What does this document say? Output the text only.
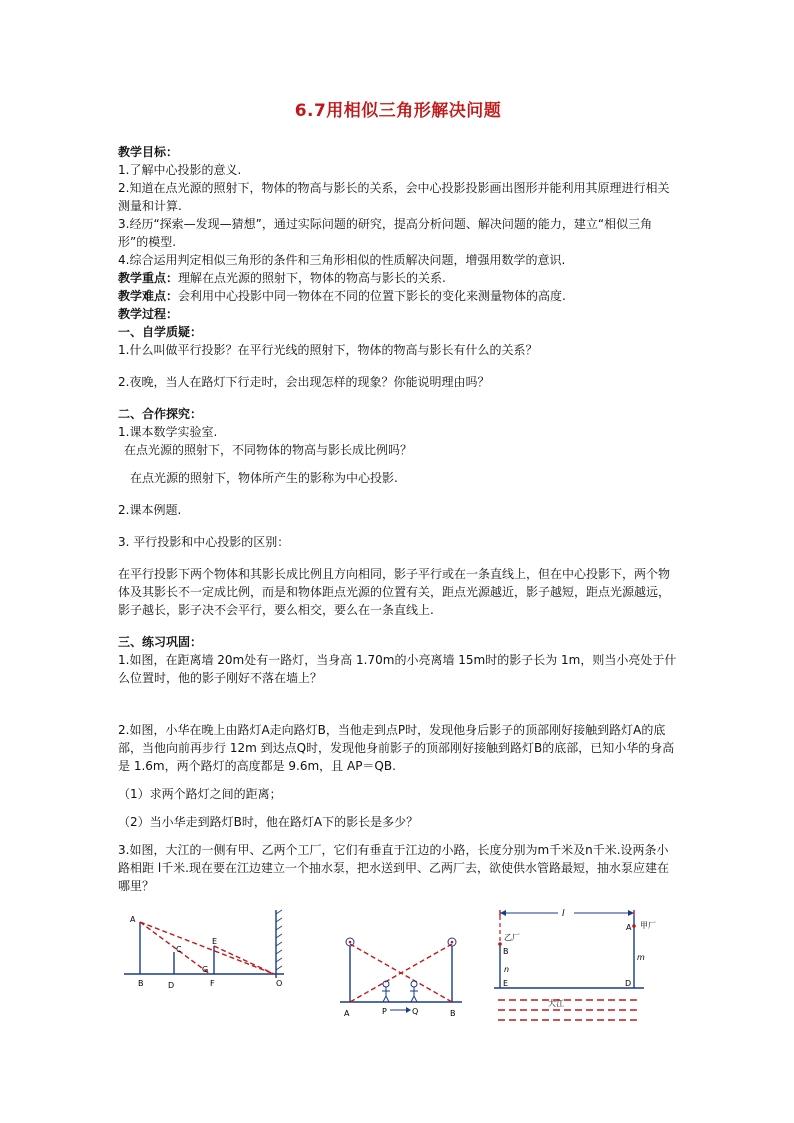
6.7用相似三角形解决问题

教学目标：

1.了解中心投影的意义.

2.知道在点光源的照射下，物体的物高与影长的关系，会中心投影投影画出图形并能利用其原理进行相关测量和计算.

3.经历“探索—发现—猜想”，通过实际问题的研究，提高分析问题、解决问题的能力，建立“相似三角形”的模型.

4.综合运用判定相似三角形的条件和三角形相似的性质解决问题，增强用数学的意识.

教学重点：理解在点光源的照射下，物体的物高与影长的关系.

教学难点：会利用中心投影中同一物体在不同的位置下影长的变化来测量物体的高度.

教学过程：

一、自学质疑：

1.什么叫做平行投影？在平行光线的照射下，物体的物高与影长有什么的关系？

2.夜晚，当人在路灯下行走时，会出现怎样的现象？你能说明理由吗？

二、合作探究：

1.课本数学实验室.

在点光源的照射下，不同物体的物高与影长成比例吗？

在点光源的照射下，物体所产生的影称为中心投影.

2.课本例题.

3. 平行投影和中心投影的区别：

在平行投影下两个物体和其影长成比例且方向相同，影子平行或在一条直线上，但在中心投影下，两个物体及其影长不一定成比例，而是和物体距点光源的位置有关，距点光源越近，影子越短，距点光源越远，影子越长，影子决不会平行，要么相交，要么在一条直线上.

三、练习巩固：

1.如图，在距离墙 20m处有一路灯，当身高 1.70m的小亮离墙 15m时的影子长为 1m，则当小亮处于什么位置时，他的影子刚好不落在墙上？

2.如图，小华在晚上由路灯A走向路灯B，当他走到点P时，发现他身后影子的顶部刚好接触到路灯A的底部，当他向前再步行 12m 到达点Q时，发现他身前影子的顶部刚好接触到路灯B的底部，已知小华的身高是 1.6m，两个路灯的高度都是 9.6m，且 AP＝QB.

（1）求两个路灯之间的距离；

（2）当小华走到路灯B时，他在路灯A下的影长是多少？

3.如图，大江的一侧有甲、乙两个工厂，它们有垂直于江边的小路，长度分别为m千米及n千米.设两条小路相距 l千米.现在要在江边建立一个抽水泵，把水送到甲、乙两厂去，欲使供水管路最短，抽水泵应建在哪里？

A
C
E
B	D
G
F	O
A	P	Q	B
l
甲厂
乙厂
A
B
n
m
E	D
大江
